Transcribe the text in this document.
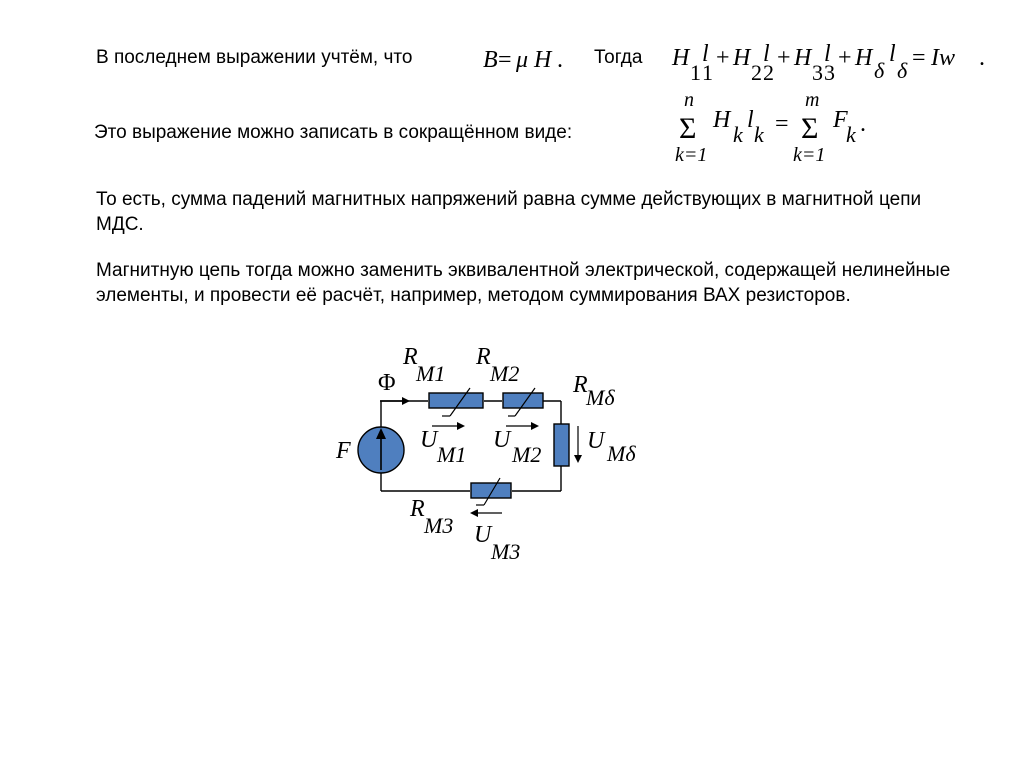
В последнем выражении учтём, что	Тогда
Это выражение можно записать в сокращённом виде:
То есть, сумма падений магнитных напряжений равна сумме действующих в магнитной цепи МДС.
Магнитную цепь тогда можно заменить эквивалентной электрической, содержащей нелинейные элементы, и провести её расчёт, например, методом суммирования ВАХ резисторов.
B = μ H .	H
1
l
1
+ H
2
l
2
+ H
3
l
3
+ H δ
l
δ = Iw .
n
Σ
k=1
H
k
l
k =
m
Σ
k=1
F
k .
Φ
F
R
M1
R
M2 R
Mδ
R
M3
U
M1
U
M2
U Mδ
U
M3
